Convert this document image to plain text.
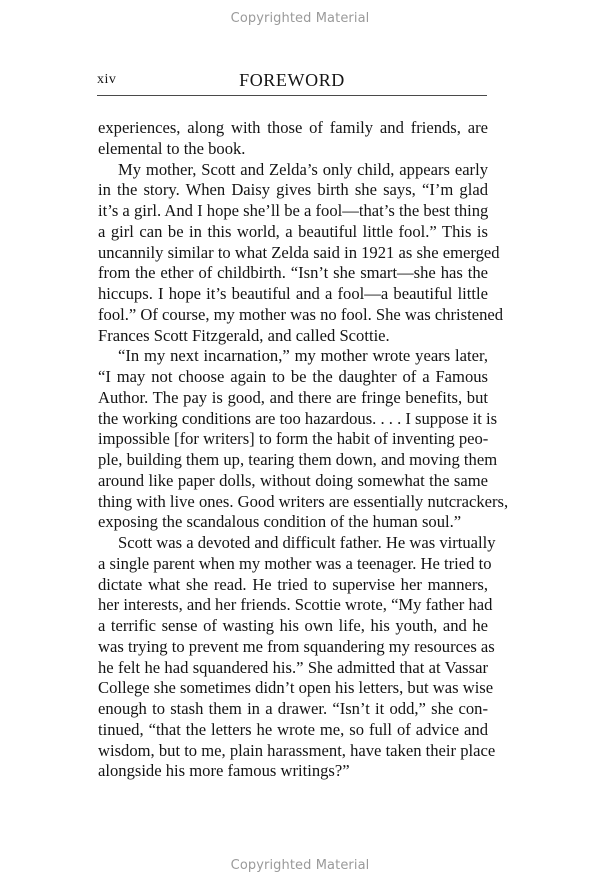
Copyrighted Material
xiv	FOREWORD

experiences, along with those of family and friends, are
elemental to the book.

My mother, Scott and Zelda’s only child, appears early
in the story. When Daisy gives birth she says, “I’m glad
it’s a girl. And I hope she’ll be a fool—that’s the best thing
a girl can be in this world, a beautiful little fool.” This is
uncannily similar to what Zelda said in 1921 as she emerged
from the ether of childbirth. “Isn’t she smart—she has the
hiccups. I hope it’s beautiful and a fool—a beautiful little
fool.” Of course, my mother was no fool. She was christened
Frances Scott Fitzgerald, and called Scottie.

“In my next incarnation,” my mother wrote years later,
“I may not choose again to be the daughter of a Famous
Author. The pay is good, and there are fringe benefits, but
the working conditions are too hazardous. . . . I suppose it is
impossible [for writers] to form the habit of inventing peo-
ple, building them up, tearing them down, and moving them
around like paper dolls, without doing somewhat the same
thing with live ones. Good writers are essentially nutcrackers,
exposing the scandalous condition of the human soul.”

Scott was a devoted and difficult father. He was virtually
a single parent when my mother was a teenager. He tried to
dictate what she read. He tried to supervise her manners,
her interests, and her friends. Scottie wrote, “My father had
a terrific sense of wasting his own life, his youth, and he
was trying to prevent me from squandering my resources as
he felt he had squandered his.” She admitted that at Vassar
College she sometimes didn’t open his letters, but was wise
enough to stash them in a drawer. “Isn’t it odd,” she con-
tinued, “that the letters he wrote me, so full of advice and
wisdom, but to me, plain harassment, have taken their place
alongside his more famous writings?”

Copyrighted Material
